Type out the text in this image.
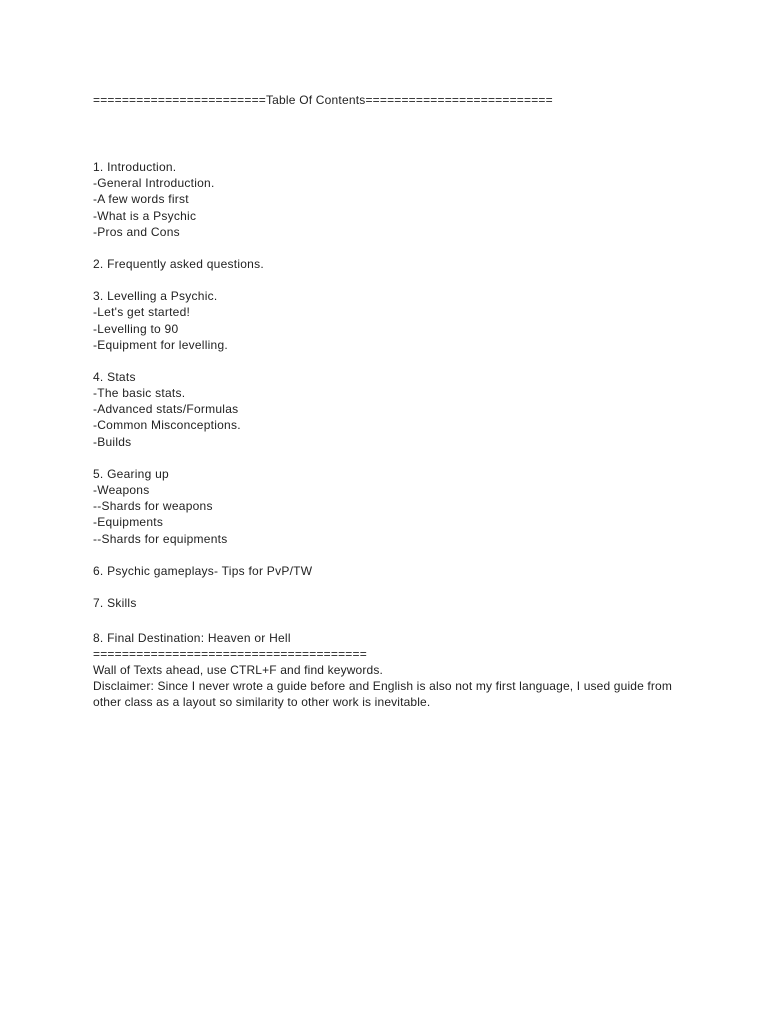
========================Table Of Contents==========================
1. Introduction.
-General Introduction.
-A few words first
-What is a Psychic
-Pros and Cons
2. Frequently asked questions.
3. Levelling a Psychic.
-Let's get started!
-Levelling to 90
-Equipment for levelling.
4. Stats
-The basic stats.
-Advanced stats/Formulas
-Common Misconceptions.
-Builds
5. Gearing up
-Weapons
--Shards for weapons
-Equipments
--Shards for equipments
6. Psychic gameplays- Tips for PvP/TW
7. Skills
8. Final Destination: Heaven or Hell
======================================
Wall of Texts ahead, use CTRL+F and find keywords.
Disclaimer: Since I never wrote a guide before and English is also not my first language, I used guide from other class as a layout so similarity to other work is inevitable.
